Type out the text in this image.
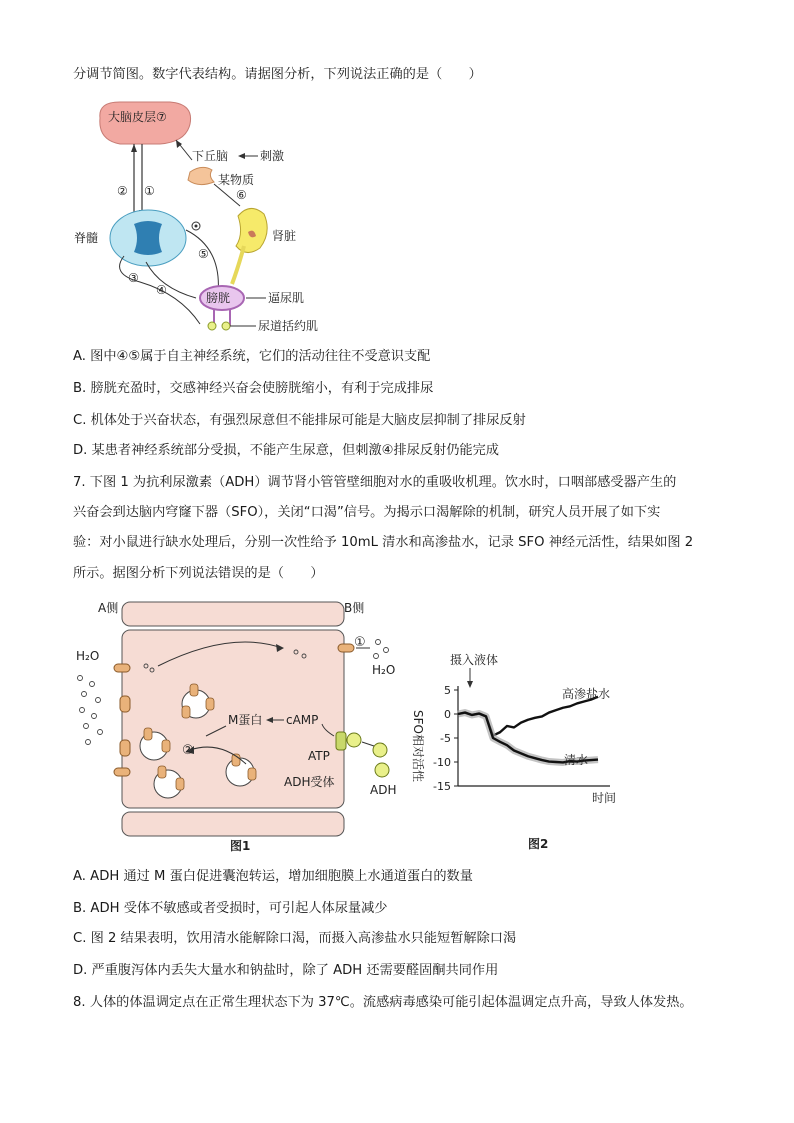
分调节简图。数字代表结构。请据图分析，下列说法正确的是（　　）
大脑皮层⑦
② ①
下丘脑	刺激
某物质
⑥
肾脏
脊髓
⑤
④
③
膀胱	逼尿肌
尿道括约肌
A. 图中④⑤属于自主神经系统，它们的活动往往不受意识支配
B. 膀胱充盈时，交感神经兴奋会使膀胱缩小，有利于完成排尿
C. 机体处于兴奋状态，有强烈尿意但不能排尿可能是大脑皮层抑制了排尿反射
D. 某患者神经系统部分受损，不能产生尿意，但刺激④排尿反射仍能完成
7. 下图 1 为抗利尿激素（ADH）调节肾小管管壁细胞对水的重吸收机理。饮水时，口咽部感受器产生的
兴奋会到达脑内穹窿下器（SFO），关闭“口渴”信号。为揭示口渴解除的机制，研究人员开展了如下实
验：对小鼠进行缺水处理后，分别一次性给予 10mL 清水和高渗盐水，记录 SFO 神经元活性，结果如图 2
所示。据图分析下列说法错误的是（　　）
A侧	B侧
H₂O
①
H₂O
M蛋白 cAMP
②	ATP
ADH受体
ADH
图1
摄入液体
SFO相对活性
5
0
-5
-10
-15
时间
高渗盐水
清水
图2
A. ADH 通过 M 蛋白促进囊泡转运，增加细胞膜上水通道蛋白的数量
B. ADH 受体不敏感或者受损时，可引起人体尿量减少
C. 图 2 结果表明，饮用清水能解除口渴，而摄入高渗盐水只能短暂解除口渴
D. 严重腹泻体内丢失大量水和钠盐时，除了 ADH 还需要醛固酮共同作用
8. 人体的体温调定点在正常生理状态下为 37℃。流感病毒感染可能引起体温调定点升高，导致人体发热。
